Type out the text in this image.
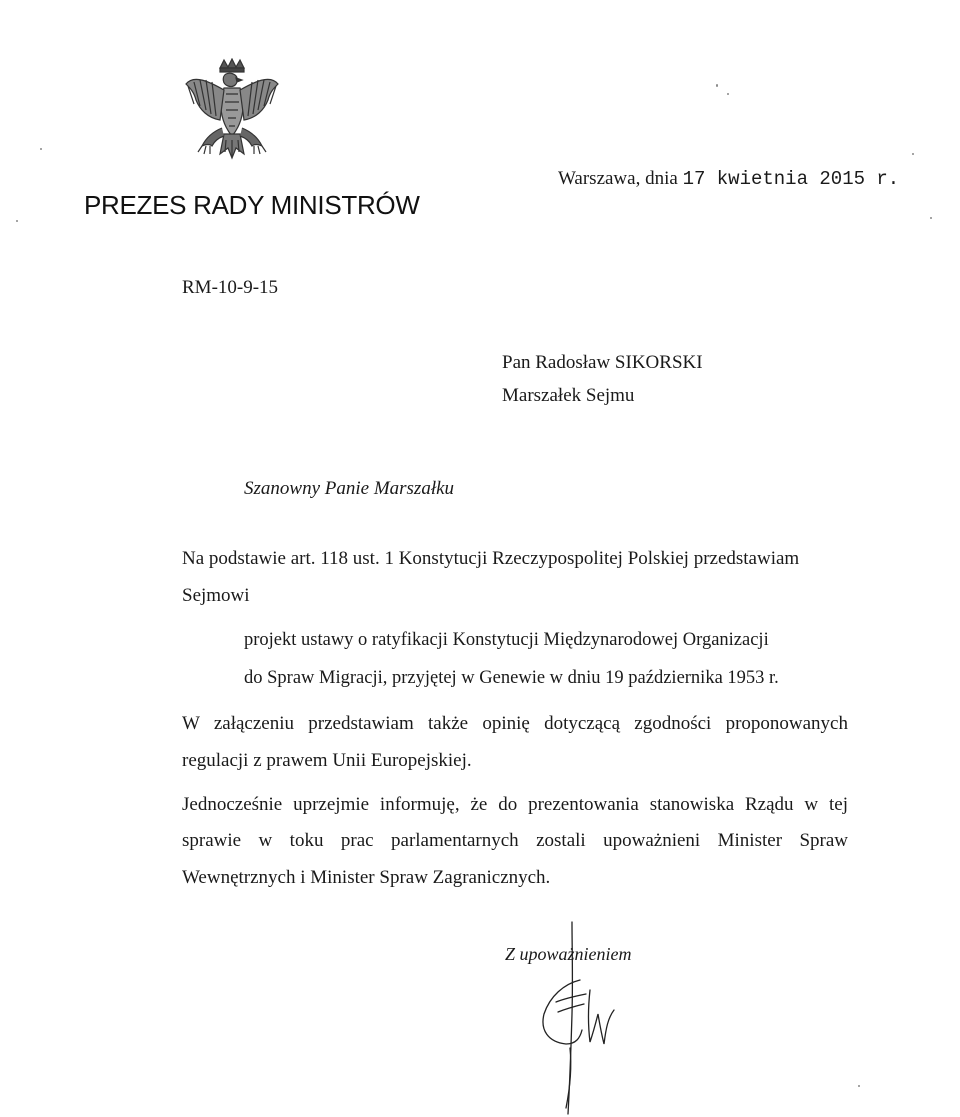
PREZES RADY MINISTRÓW
Warszawa, dnia 17 kwietnia 2015 r.
RM-10-9-15
Pan Radosław SIKORSKI
Marszałek Sejmu
Szanowny Panie Marszałku
Na podstawie art. 118 ust. 1 Konstytucji Rzeczypospolitej Polskiej przedstawiam
Sejmowi
projekt ustawy o ratyfikacji Konstytucji Międzynarodowej Organizacji
do Spraw Migracji, przyjętej w Genewie w dniu 19 października 1953 r.
W załączeniu przedstawiam także opinię dotyczącą zgodności proponowanych
regulacji z prawem Unii Europejskiej.
Jednocześnie uprzejmie informuję, że do prezentowania stanowiska Rządu w tej
sprawie w toku prac parlamentarnych zostali upoważnieni Minister Spraw
Wewnętrznych i Minister Spraw Zagranicznych.
Z upoważnieniem
